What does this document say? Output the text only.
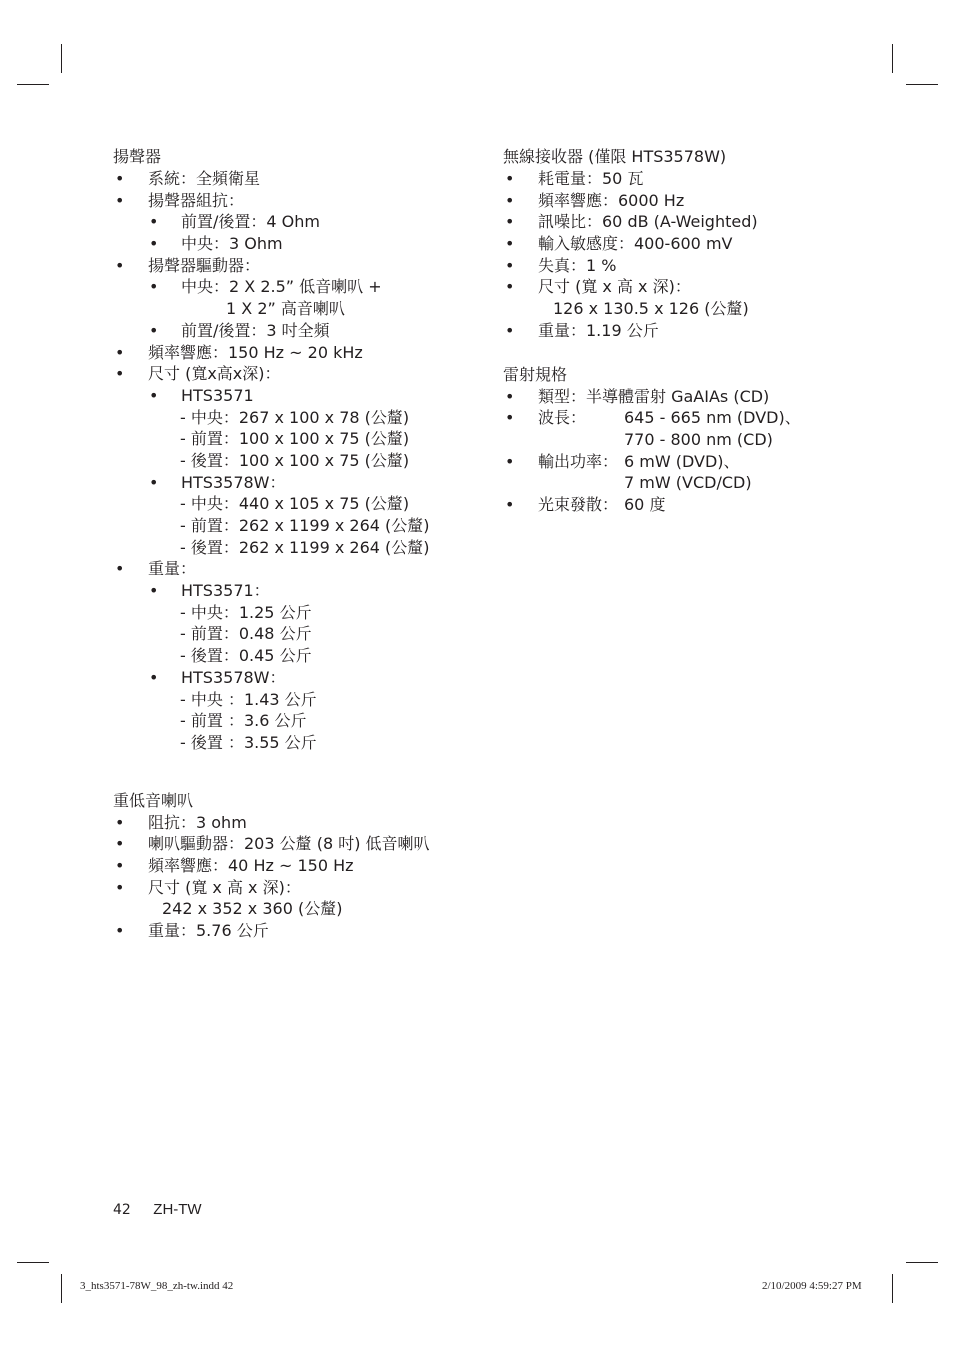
揚聲器
• 系統：全頻衛星
• 揚聲器組抗：
• 前置/後置：4 Ohm
• 中央：3 Ohm
• 揚聲器驅動器：
• 中央：2 X 2.5” 低音喇叭 +
1 X 2” 高音喇叭
• 前置/後置：3 吋全頻
• 頻率響應：150 Hz ~ 20 kHz
• 尺寸 (寬x高x深)：
• HTS3571
- 中央：267 x 100 x 78 (公釐)
- 前置：100 x 100 x 75 (公釐)
- 後置：100 x 100 x 75 (公釐)
• HTS3578W：
- 中央：440 x 105 x 75 (公釐)
- 前置：262 x 1199 x 264 (公釐)
- 後置：262 x 1199 x 264 (公釐)
• 重量：
• HTS3571：
- 中央：1.25 公斤
- 前置：0.48 公斤
- 後置：0.45 公斤
• HTS3578W：
- 中央 ：1.43 公斤
- 前置 ：3.6 公斤
- 後置 ：3.55 公斤
重低音喇叭
• 阻抗：3 ohm
• 喇叭驅動器：203 公釐 (8 吋) 低音喇叭
• 頻率響應：40 Hz ~ 150 Hz
• 尺寸 (寬 x 高 x 深)：
242 x 352 x 360 (公釐)
• 重量：5.76 公斤
無線接收器 (僅限 HTS3578W)
• 耗電量：50 瓦
• 頻率響應：6000 Hz
• 訊噪比：60 dB (A-Weighted)
• 輸入敏感度：400-600 mV
• 失真：1 %
• 尺寸 (寬 x 高 x 深)：
126 x 130.5 x 126 (公釐)
• 重量：1.19 公斤
雷射規格
• 類型：半導體雷射 GaAIAs (CD)
• 波長： 645 - 665 nm (DVD)、
770 - 800 nm (CD)
• 輸出功率： 6 mW (DVD)、
7 mW (VCD/CD)
• 光束發散： 60 度
42 ZH-TW
3_hts3571-78W_98_zh-tw.indd 42	2/10/2009 4:59:27 PM
